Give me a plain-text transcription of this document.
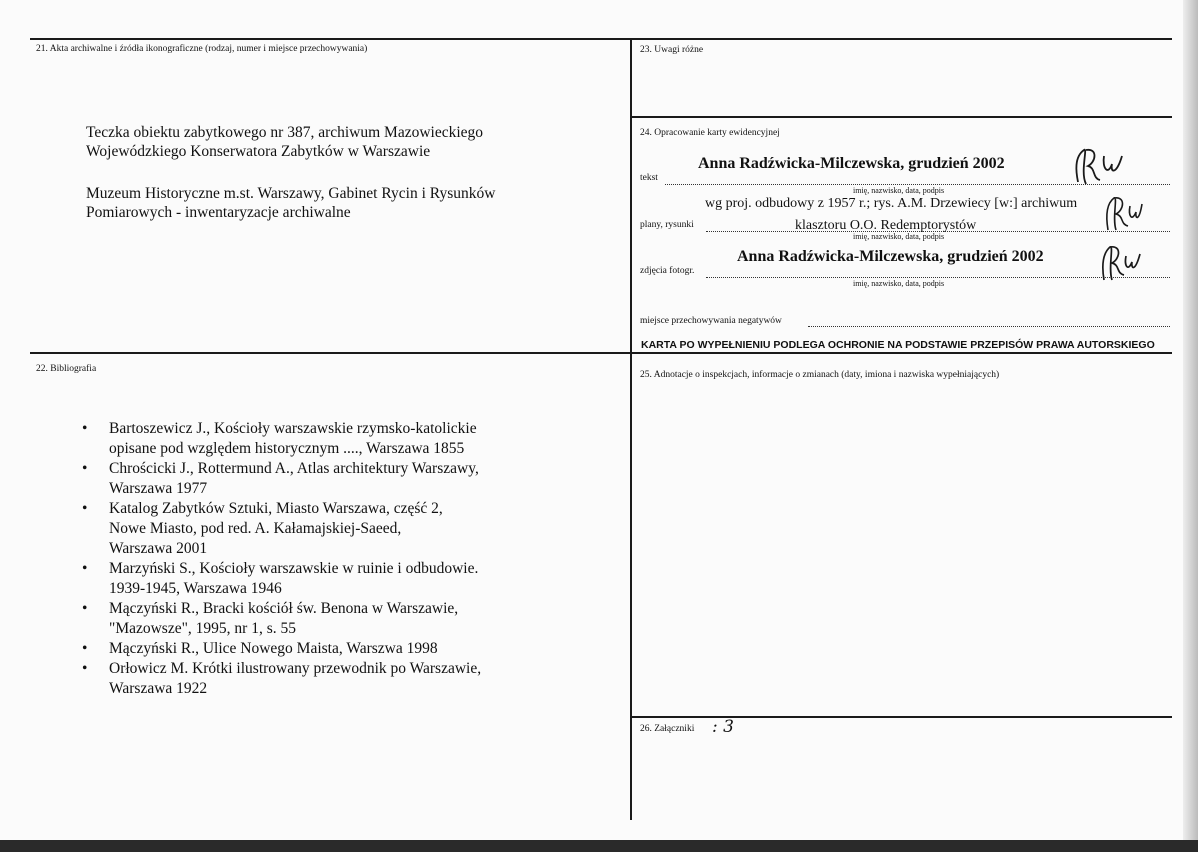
21. Akta archiwalne i źródła ikonograficzne (rodzaj, numer i miejsce przechowywania)
Teczka obiektu zabytkowego nr 387, archiwum Mazowieckiego
Wojewódzkiego Konserwatora Zabytków w Warszawie
Muzeum Historyczne m.st. Warszawy, Gabinet Rycin i Rysunków
Pomiarowych - inwentaryzacje archiwalne
22. Bibliografia
• Bartoszewicz J., Kościoły warszawskie rzymsko-katolickie
opisane pod względem historycznym ...., Warszawa 1855
• Chrościcki J., Rottermund A., Atlas architektury Warszawy,
Warszawa 1977
• Katalog Zabytków Sztuki, Miasto Warszawa, część 2,
Nowe Miasto, pod red. A. Kałamajskiej-Saeed,
Warszawa 2001
• Marzyński S., Kościoły warszawskie w ruinie i odbudowie.
1939-1945, Warszawa 1946
• Mączyński R., Bracki kościół św. Benona w Warszawie,
"Mazowsze", 1995, nr 1, s. 55
• Mączyński R., Ulice Nowego Maista, Warszwa 1998
• Orłowicz M. Krótki ilustrowany przewodnik po Warszawie,
Warszawa 1922
23. Uwagi różne
24. Opracowanie karty ewidencyjnej
Anna Radźwicka-Milczewska, grudzień 2002
tekst
imię, nazwisko, data, podpis
wg proj. odbudowy z 1957 r.; rys. A.M. Drzewiecy [w:] archiwum
plany, rysunki	klasztoru O.O. Redemptorystów
imię, nazwisko, data, podpis
Anna Radźwicka-Milczewska, grudzień 2002
zdjęcia fotogr.
imię, nazwisko, data, podpis
miejsce przechowywania negatywów
KARTA PO WYPEŁNIENIU PODLEGA OCHRONIE NA PODSTAWIE PRZEPISÓW PRAWA AUTORSKIEGO
25. Adnotacje o inspekcjach, informacje o zmianach (daty, imiona i nazwiska wypełniających)
26. Załączniki : 3
